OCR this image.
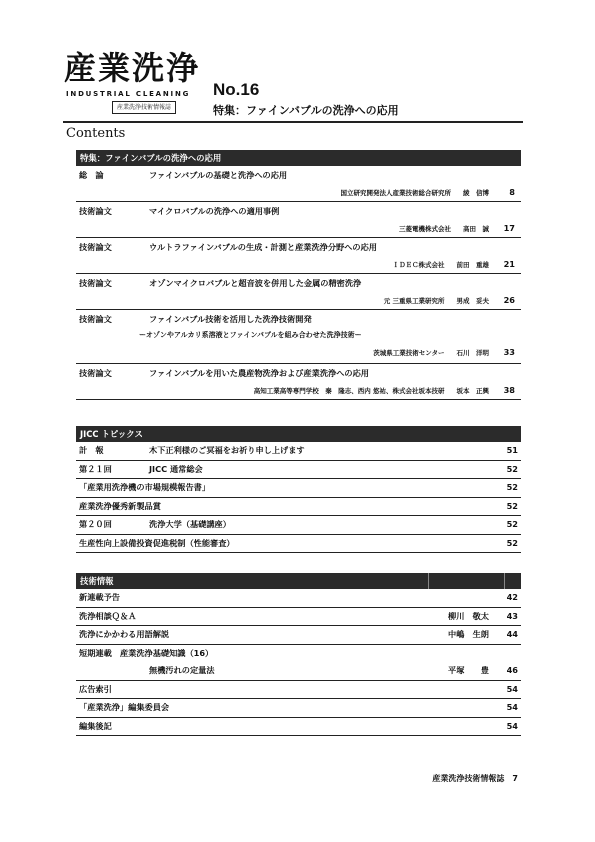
産業洗浄
INDUSTRIAL CLEANING
産業洗浄技術情報誌
No.16
特集：ファインバブルの洗浄への応用
Contents
特集：ファインバブルの洗浄への応用
総　論	ファインバブルの基礎と洗浄への応用
国立研究開発法人産業技術総合研究所 綾　信博	8
技術論文	マイクロバブルの洗浄への適用事例
三菱電機株式会社 高田　誠	17
技術論文	ウルトラファインバブルの生成・計測と産業洗浄分野への応用
ＩＤＥＣ株式会社 前田　重雄	21
技術論文	オゾンマイクロバブルと超音波を併用した金属の精密洗浄
元 三重県工業研究所 男成　妥夫	26
技術論文	ファインバブル技術を活用した洗浄技術開発
ーオゾンやアルカリ系溶液とファインバブルを組み合わせた洗浄技術ー
茨城県工業技術センター 石川　洋明	33
技術論文	ファインバブルを用いた農産物洗浄および産業洗浄への応用
高知工業高等専門学校　秦　隆志、西内 悠祐、株式会社坂本技研 坂本　正興	38
JICC トピックス
計　報	木下正利様のご冥福をお祈り申し上げます	51
第２１回	JICC 通常総会	52
「産業用洗浄機の市場規模報告書」	52
産業洗浄優秀新製品賞	52
第２０回	洗浄大学（基礎講座）	52
生産性向上設備投資促進税制（性能審査）	52
技術情報
新連載予告	42
洗浄相談Ｑ＆Ａ	柳川　敬太	43
洗浄にかかわる用語解説	中嶋　生朗	44
短期連載　産業洗浄基礎知識（16）
無機汚れの定量法	平塚　　豊	46
広告索引	54
「産業洗浄」編集委員会	54
編集後記	54
産業洗浄技術情報誌　7
